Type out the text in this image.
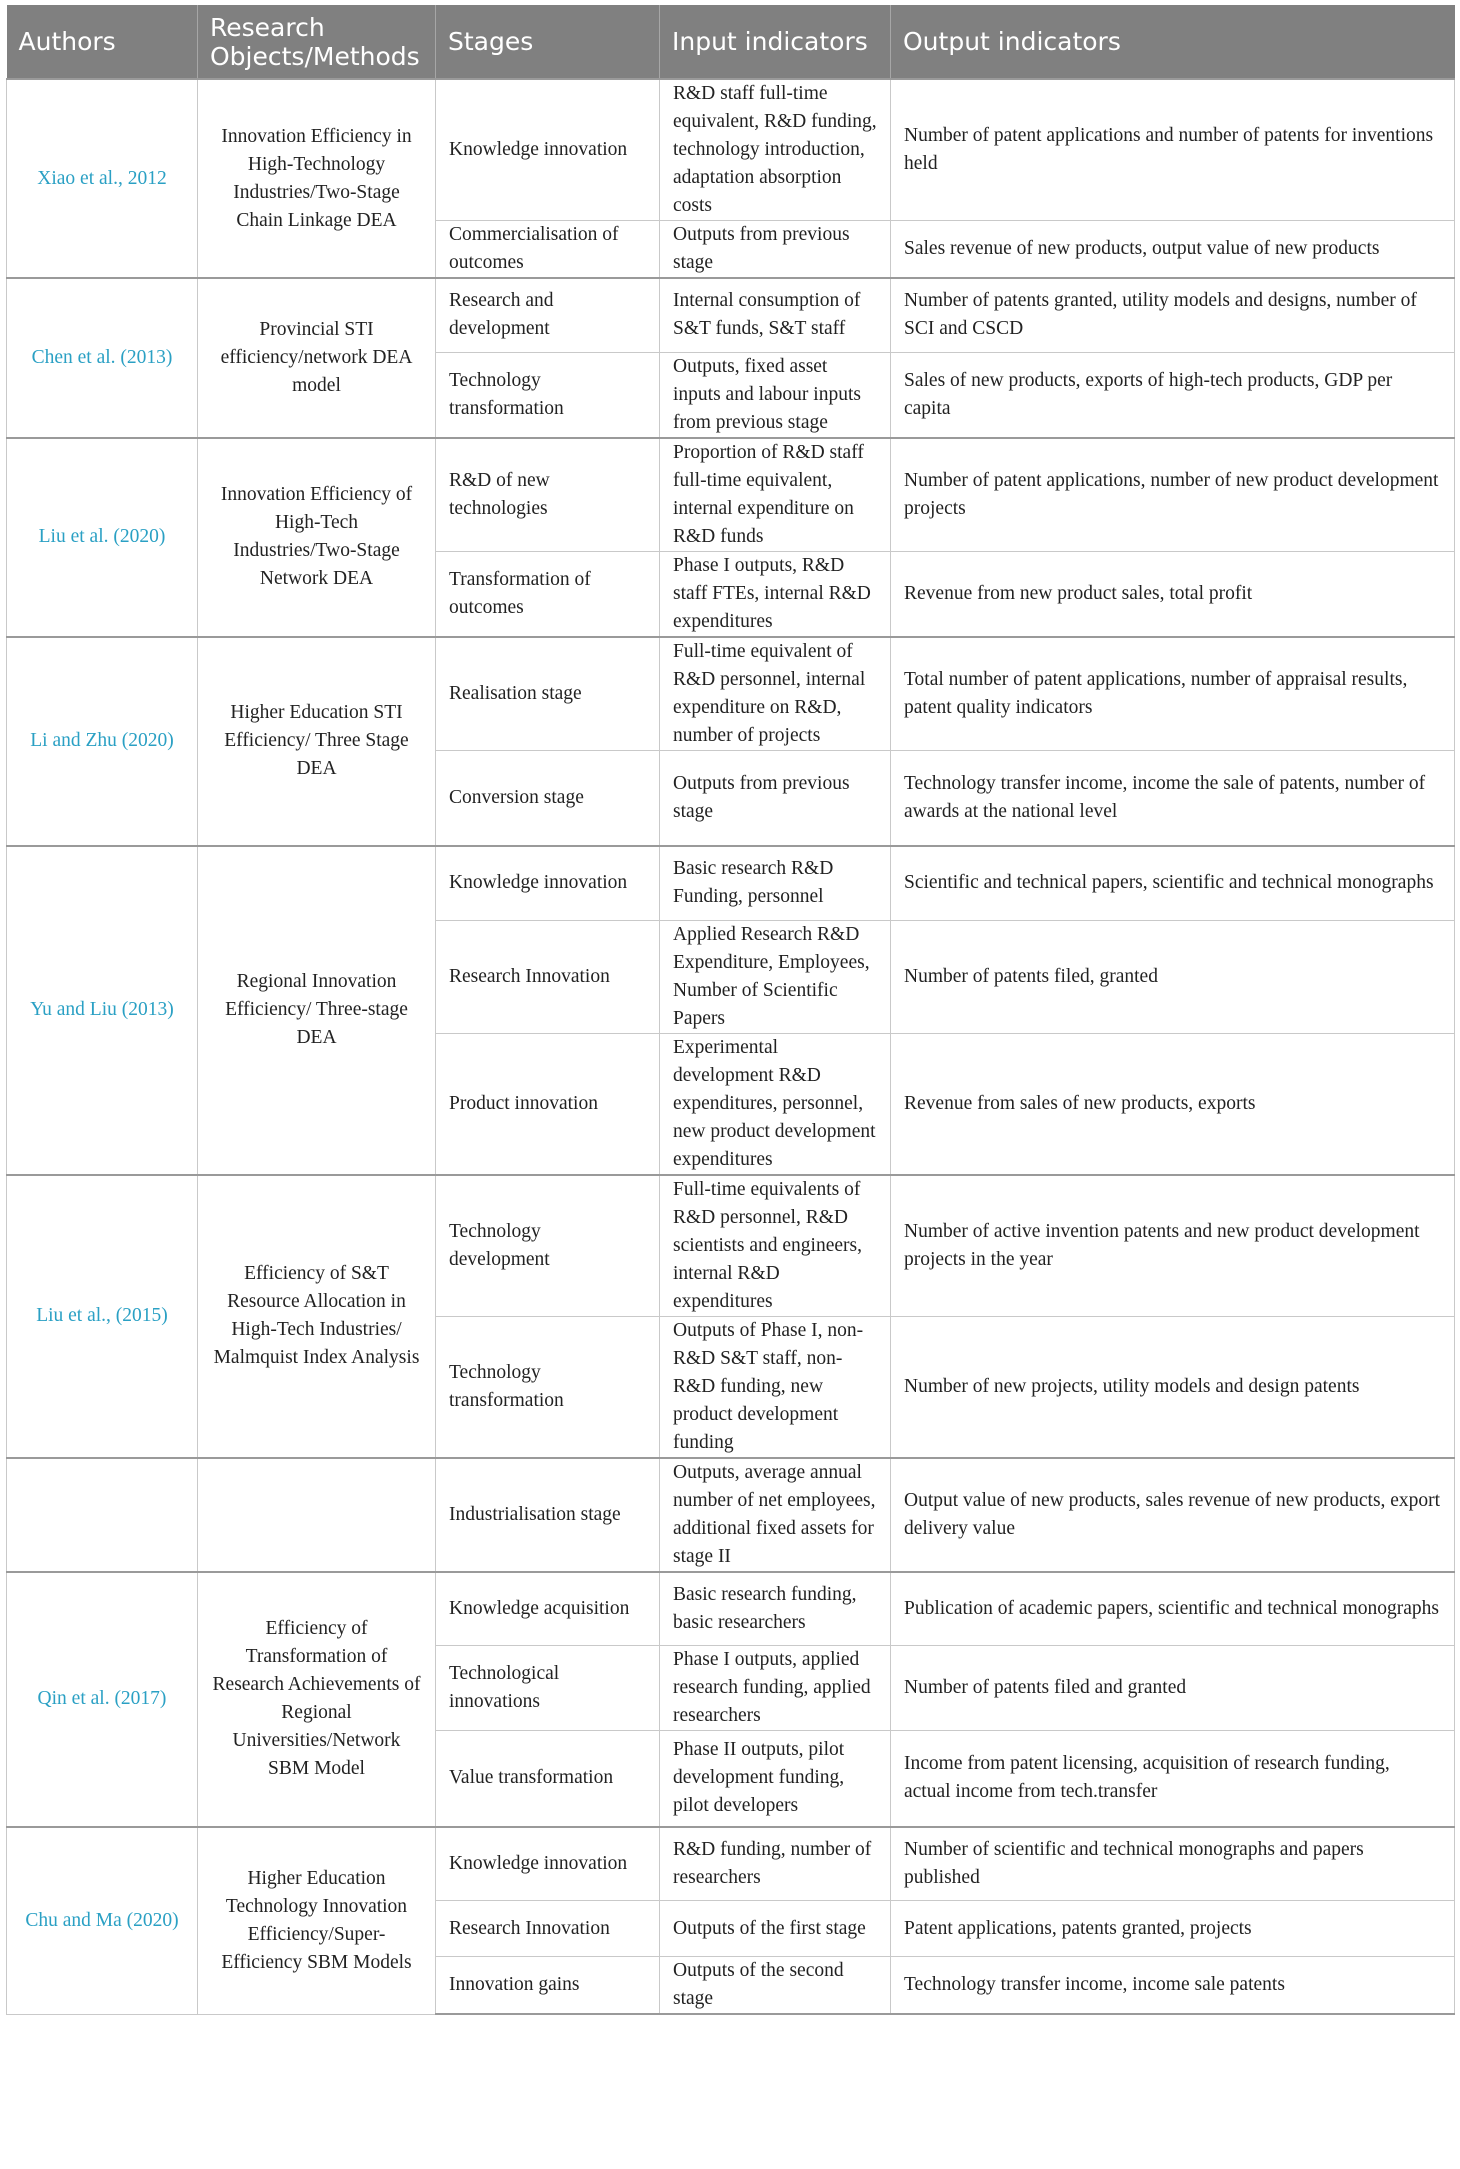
Authors	Research Objects/Methods	Stages	Input indicators	Output indicators
Xiao et al., 2012	Innovation Efficiency in High-Technology Industries/Two-Stage Chain Linkage DEA	Knowledge innovation	R&D staff full-time equivalent, R&D funding, technology introduction, adaptation absorption costs	Number of patent applications and number of patents for inventions held
		Commercialisation of outcomes	Outputs from previous stage	Sales revenue of new products, output value of new products
Chen et al. (2013)	Provincial STI efficiency/network DEA model	Research and development	Internal consumption of S&T funds, S&T staff	Number of patents granted, utility models and designs, number of SCI and CSCD
		Technology transformation	Outputs, fixed asset inputs and labour inputs from previous stage	Sales of new products, exports of high-tech products, GDP per capita
Liu et al. (2020)	Innovation Efficiency of High-Tech Industries/Two-Stage Network DEA	R&D of new technologies	Proportion of R&D staff full-time equivalent, internal expenditure on R&D funds	Number of patent applications, number of new product development projects
		Transformation of outcomes	Phase I outputs, R&D staff FTEs, internal R&D expenditures	Revenue from new product sales, total profit
Li and Zhu (2020)	Higher Education STI Efficiency/ Three Stage DEA	Realisation stage	Full-time equivalent of R&D personnel, internal expenditure on R&D, number of projects	Total number of patent applications, number of appraisal results, patent quality indicators
		Conversion stage	Outputs from previous stage	Technology transfer income, income the sale of patents, number of awards at the national level
Yu and Liu (2013)	Regional Innovation Efficiency/ Three-stage DEA	Knowledge innovation	Basic research R&D Funding, personnel	Scientific and technical papers, scientific and technical monographs
		Research Innovation	Applied Research R&D Expenditure, Employees, Number of Scientific Papers	Number of patents filed, granted
		Product innovation	Experimental development R&D expenditures, personnel, new product development expenditures	Revenue from sales of new products, exports
Liu et al., (2015)	Efficiency of S&T Resource Allocation in High-Tech Industries/ Malmquist Index Analysis	Technology development	Full-time equivalents of R&D personnel, R&D scientists and engineers, internal R&D expenditures	Number of active invention patents and new product development projects in the year
		Technology transformation	Outputs of Phase I, non-R&D S&T staff, non-R&D funding, new product development funding	Number of new projects, utility models and design patents
		Industrialisation stage	Outputs, average annual number of net employees, additional fixed assets for stage II	Output value of new products, sales revenue of new products, export delivery value
Qin et al. (2017)	Efficiency of Transformation of Research Achievements of Regional Universities/Network SBM Model	Knowledge acquisition	Basic research funding, basic researchers	Publication of academic papers, scientific and technical monographs
		Technological innovations	Phase I outputs, applied research funding, applied researchers	Number of patents filed and granted
		Value transformation	Phase II outputs, pilot development funding, pilot developers	Income from patent licensing, acquisition of research funding, actual income from tech.transfer
Chu and Ma (2020)	Higher Education Technology Innovation Efficiency/Super-Efficiency SBM Models	Knowledge innovation	R&D funding, number of researchers	Number of scientific and technical monographs and papers published
		Research Innovation	Outputs of the first stage	Patent applications, patents granted, projects
		Innovation gains	Outputs of the second stage	Technology transfer income, income sale patents
